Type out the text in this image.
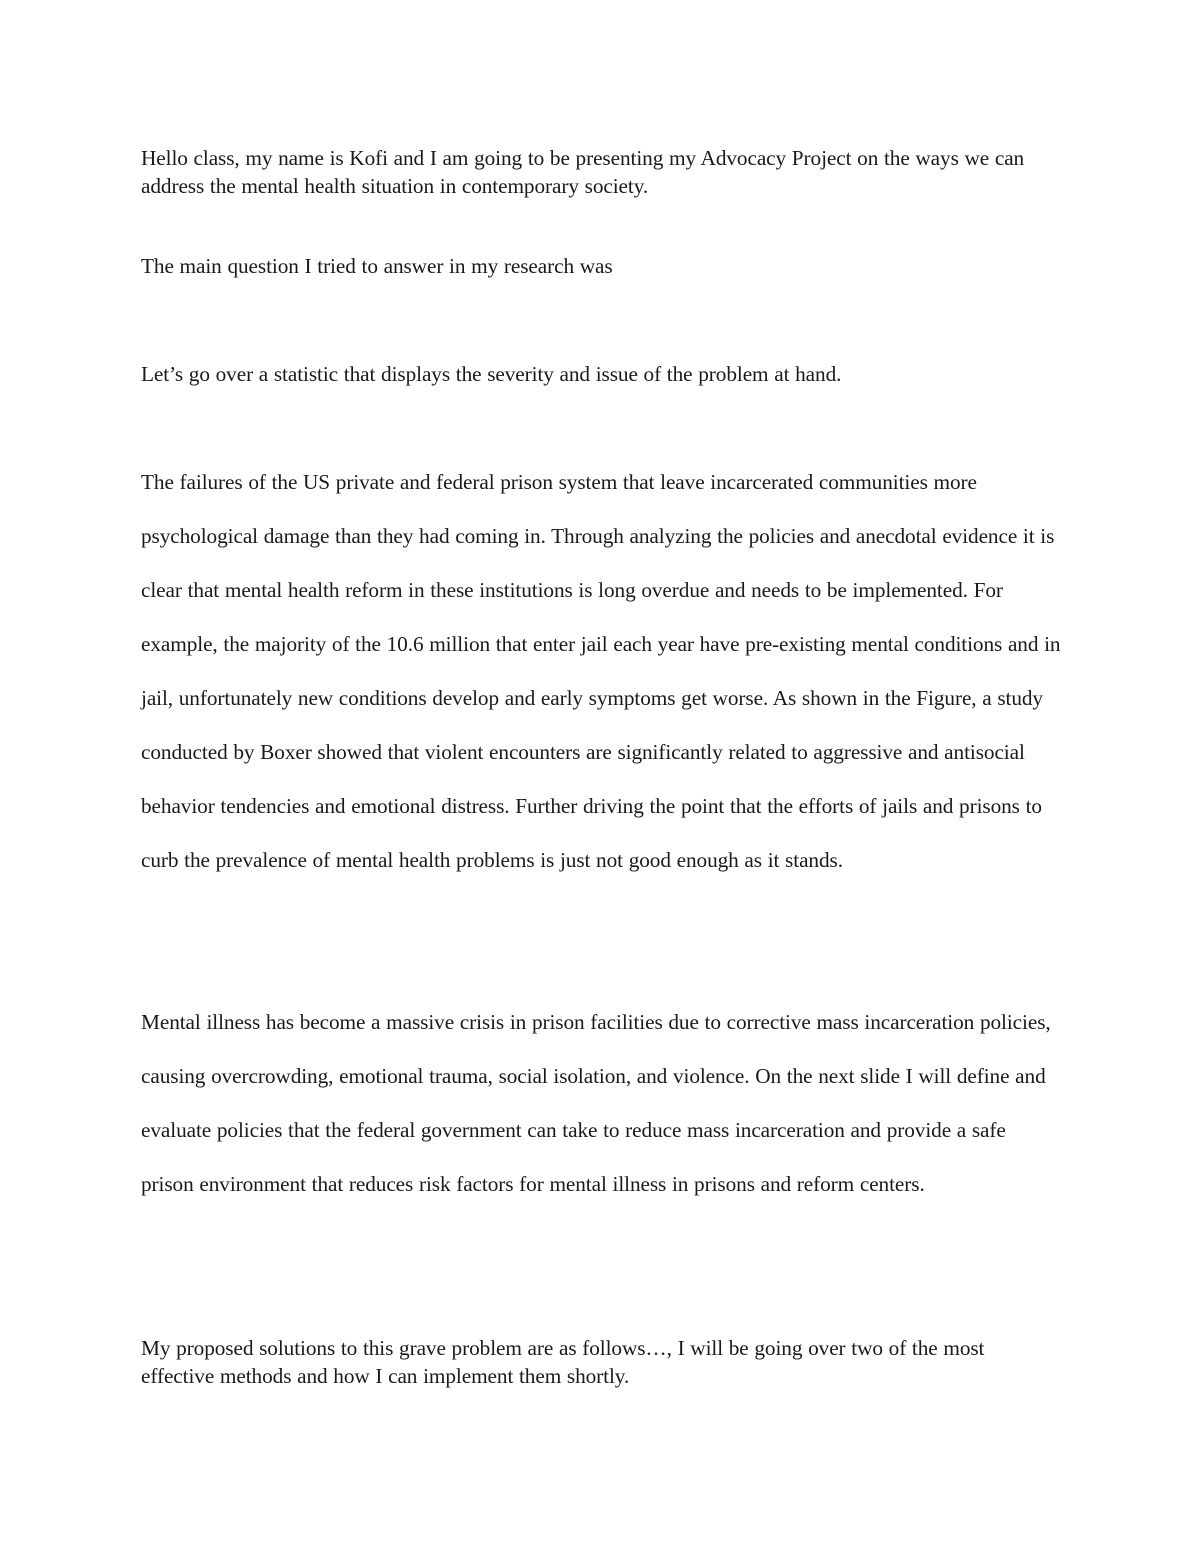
Hello class, my name is Kofi and I am going to be presenting my Advocacy Project on the ways we can address the mental health situation in contemporary society.

The main question I tried to answer in my research was

Let’s go over a statistic that displays the severity and issue of the problem at hand.

The failures of the US private and federal prison system that leave incarcerated communities more psychological damage than they had coming in. Through analyzing the policies and anecdotal evidence it is clear that mental health reform in these institutions is long overdue and needs to be implemented. For example, the majority of the 10.6 million that enter jail each year have pre-existing mental conditions and in jail, unfortunately new conditions develop and early symptoms get worse. As shown in the Figure, a study conducted by Boxer showed that violent encounters are significantly related to aggressive and antisocial behavior tendencies and emotional distress. Further driving the point that the efforts of jails and prisons to curb the prevalence of mental health problems is just not good enough as it stands.

Mental illness has become a massive crisis in prison facilities due to corrective mass incarceration policies, causing overcrowding, emotional trauma, social isolation, and violence. On the next slide I will define and evaluate policies that the federal government can take to reduce mass incarceration and provide a safe prison environment that reduces risk factors for mental illness in prisons and reform centers.

My proposed solutions to this grave problem are as follows…, I will be going over two of the most effective methods and how I can implement them shortly.
